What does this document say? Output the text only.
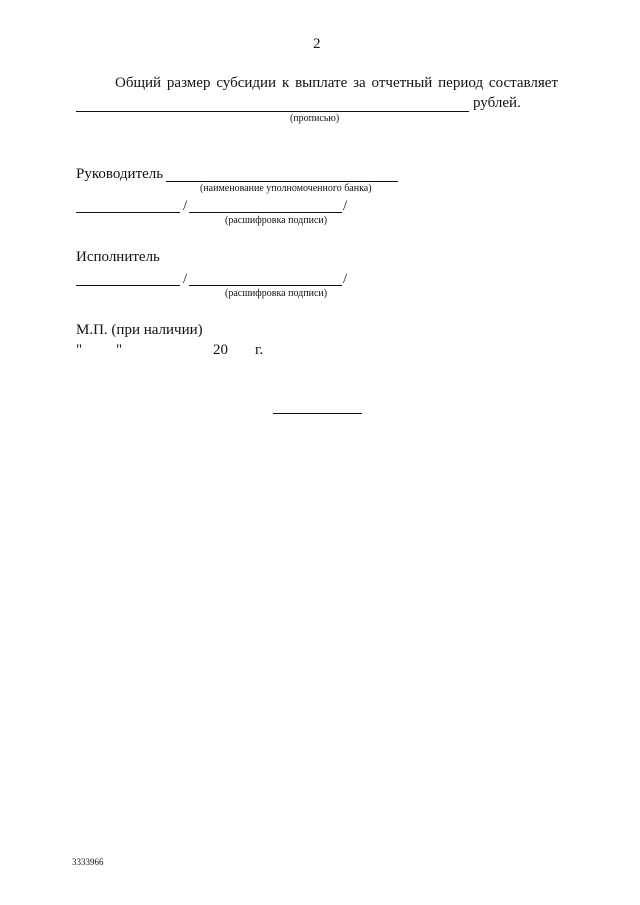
2
Общий размер субсидии к выплате за отчетный период составляет
рублей.
(прописью)
Руководитель
(наименование уполномоченного банка)
/	/
(расшифровка подписи)
Исполнитель
/	/
(расшифровка подписи)
М.П. (при наличии)
" "	20 г.
3333966
